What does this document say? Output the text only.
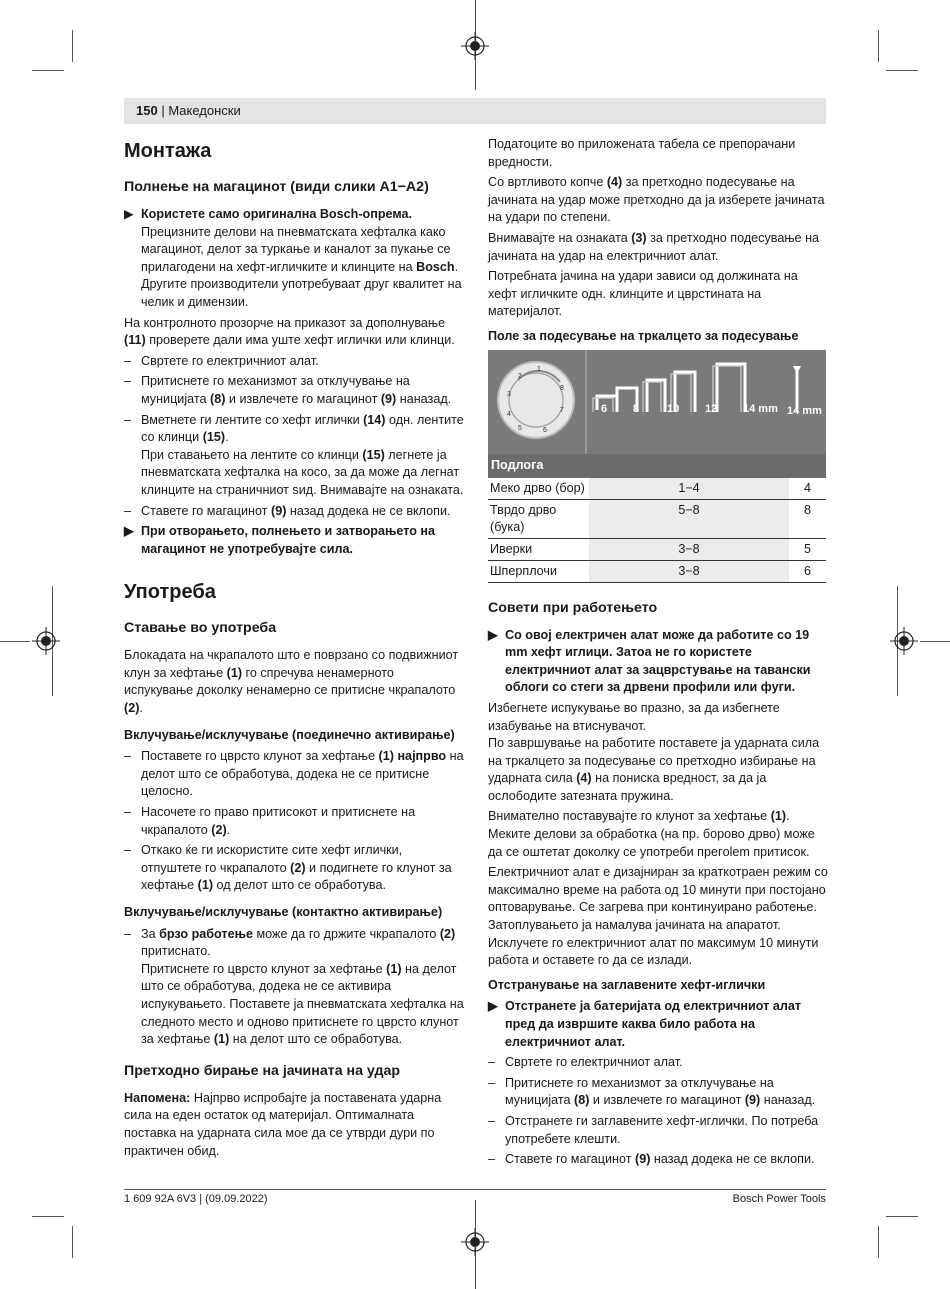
150 | Македонски
Монтажа
Полнење на магацинот (види слики A1−A2)
▶ Користете само оригинална Bosch-опрема.
Прецизните делови на пневматската хефталка како магацинот, делот за туркање и каналот за пукање се прилагодени на хефт-игличките и клинците на Bosch. Другите производители употребуваат друг квалитет на челик и димензии.

На контролното прозорче на приказот за дополнување (11) проверете дали има уште хефт иглички или клинци.

– Свртете го електричниот алат.
– Притиснете го механизмот за отклучување на муницијата (8) и извлечете го магацинот (9) наназад.
– Вметнете ги лентите со хефт иглички (14) одн. лентите со клинци (15).
При ставањето на лентите со клинци (15) легнете ја пневматската хефталка на косо, за да може да легнат клинците на страничниот ѕид. Внимавајте на ознаката.
– Ставете го магацинот (9) назад додека не се вклопи.
▶ При отворањето, полнењето и затворањето на магацинот не употребувајте сила.
Употреба
Ставање во употреба

Блокадата на чкрапалото што е поврзано со подвижниот клун за хефтање (1) го спречува ненамерното испукување доколку ненамерно се притисне чкрапалото (2).

Вклучување/исклучување (поединечно активирање)
– Поставете го цврсто клунот за хефтање (1) најпрво на делот што се обработува, додека не се притисне целосно.
– Насочете го право притисокот и притиснете на чкрапалото (2).
– Откако ќе ги искористите сите хефт иглички, отпуштете го чкрапалото (2) и подигнете го клунот за хефтање (1) од делот што се обработува.
Вклучување/исклучување (контактно активирање)
– За брзо работење може да го држите чкрапалото (2) притиснато.
Притиснете го цврсто клунот за хефтање (1) на делот што се обработува, додека не се активира испукувањето. Поставете ја пневматската хефталка на следното место и одново притиснете го цврсто клунот за хефтање (1) на делот што се обработува.
Претходно бирање на јачината на удар

Напомена: Најпрво испробајте ја поставената ударна сила на еден остаток од материјал. Оптималната поставка на ударната сила мое да се утврди дури по практичен обид.

Податоците во приложената табела се препорачани вредности.

Со вртливото копче (4) за претходно подесување на јачината на удар може претходно да ја изберете јачината на удари по степени.

Внимавајте на ознаката (3) за претходно подесување на јачината на удар на електричниот алат.

Потребната јачина на удари зависи од должината на хефт игличките одн. клинците и цврстината на материјалот.

Поле за подесување на тркалцето за подесување
1
2
3
4
5	6
7
8
6 8	10 12 14 mm 14 mm
Подлога
Меко дрво (бор)	1−4	4
Тврдо дрво (бука)	5−8	8
Иверки	3−8	5
Шперплочи	3−8	6
Совети при работењето
▶ Со овој електричен алат може да работите со 19 mm хефт иглици. Затоа не го користете електричниот алат за зацврстување на тавански облоги со стеги за дрвени профили или фуги.

Избегнете испукување во празно, за да избегнете изабување на втиснувачот.

По завршување на работите поставете ја ударната сила на тркалцето за подесување со претходно избирање на ударната сила (4) на пониска вредност, за да ја ослободите затезната пружина.

Внимателно поставувајте го клунот за хефтање (1). Меките делови за обработка (на пр. борово дрво) може да се оштетат доколку се употреби прегolem притисок.

Електричниот алат е дизајниран за краткотраен режим со максимално време на работа од 10 минути при постојано оптоварување. Се загрева при континуирано работење. Затоплувањето ја намалува јачината на апаратот. Исклучете го електричниот алат по максимум 10 минути работа и оставете го да се излади.

Отстранување на заглавените хефт-иглички
▶ Отстранете ја батеријата од електричниот алат пред да извршите каква било работа на електричниот алат.
– Свртете го електричниот алат.
– Притиснете го механизмот за отклучување на муницијата (8) и извлечете го магацинот (9) наназад.
– Отстранете ги заглавените хефт-иглички. По потреба употребете клешти.
– Ставете го магацинот (9) назад додека не се вклопи.
1 609 92A 6V3 | (09.09.2022)	Bosch Power Tools
